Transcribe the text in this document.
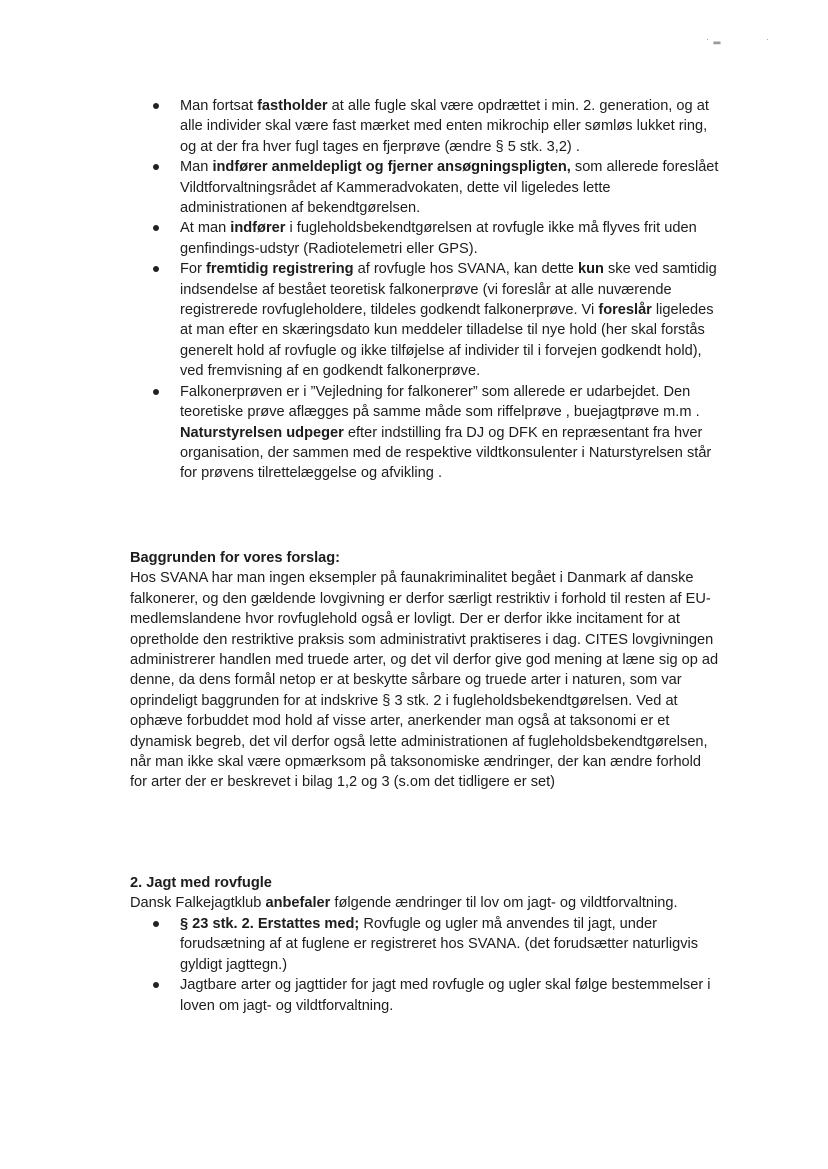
· ▂	·
Man fortsat fastholder at alle fugle skal være opdrættet i min. 2. generation, og at alle individer skal være fast mærket med enten mikrochip eller sømløs lukket ring, og at der fra hver fugl tages en fjerprøve (ændre § 5 stk. 3,2) .
Man indfører anmeldepligt og fjerner ansøgningspligten, som allerede foreslået Vildtforvaltningsrådet af Kammeradvokaten, dette vil ligeledes lette administrationen af bekendtgørelsen.
At man indfører i fugleholdsbekendtgørelsen at rovfugle ikke må flyves frit uden genfindings-udstyr (Radiotelemetri eller GPS).
For fremtidig registrering af rovfugle hos SVANA, kan dette kun ske ved samtidig indsendelse af bestået teoretisk falkonerprøve (vi foreslår at alle nuværende registrerede rovfugleholdere, tildeles godkendt falkonerprøve. Vi foreslår ligeledes at man efter en skæringsdato kun meddeler tilladelse til nye hold (her skal forstås generelt hold af rovfugle og ikke tilføjelse af individer til i forvejen godkendt hold), ved fremvisning af en godkendt falkonerprøve.
Falkonerprøven er i ”Vejledning for falkonerer” som allerede er udarbejdet. Den teoretiske prøve aflægges på samme måde som riffelprøve , buejagtprøve m.m . Naturstyrelsen udpeger efter indstilling fra DJ og DFK en repræsentant fra hver organisation, der sammen med de respektive vildtkonsulenter i Naturstyrelsen står for prøvens tilrettelæggelse og afvikling .

Baggrunden for vores forslag:

Hos SVANA har man ingen eksempler på faunakriminalitet begået i Danmark af danske falkonerer, og den gældende lovgivning er derfor særligt restriktiv i forhold til resten af EU-medlemslandene hvor rovfuglehold også er lovligt. Der er derfor ikke incitament for at opretholde den restriktive praksis som administrativt praktiseres i dag. CITES lovgivningen administrerer handlen med truede arter, og det vil derfor give god mening at læne sig op ad denne, da dens formål netop er at beskytte sårbare og truede arter i naturen, som var oprindeligt baggrunden for at indskrive § 3 stk. 2 i fugleholdsbekendtgørelsen. Ved at ophæve forbuddet mod hold af visse arter, anerkender man også at taksonomi er et dynamisk begreb, det vil derfor også lette administrationen af fugleholdsbekendtgørelsen, når man ikke skal være opmærksom på taksonomiske ændringer, der kan ændre forhold for arter der er beskrevet i bilag 1,2 og 3 (s.om det tidligere er set)

2. Jagt med rovfugle

Dansk Falkejagtklub anbefaler følgende ændringer til lov om jagt- og vildtforvaltning.

§ 23 stk. 2. Erstattes med; Rovfugle og ugler må anvendes til jagt, under forudsætning af at fuglene er registreret hos SVANA. (det forudsætter naturligvis gyldigt jagttegn.)
Jagtbare arter og jagttider for jagt med rovfugle og ugler skal følge bestemmelser i loven om jagt- og vildtforvaltning.
